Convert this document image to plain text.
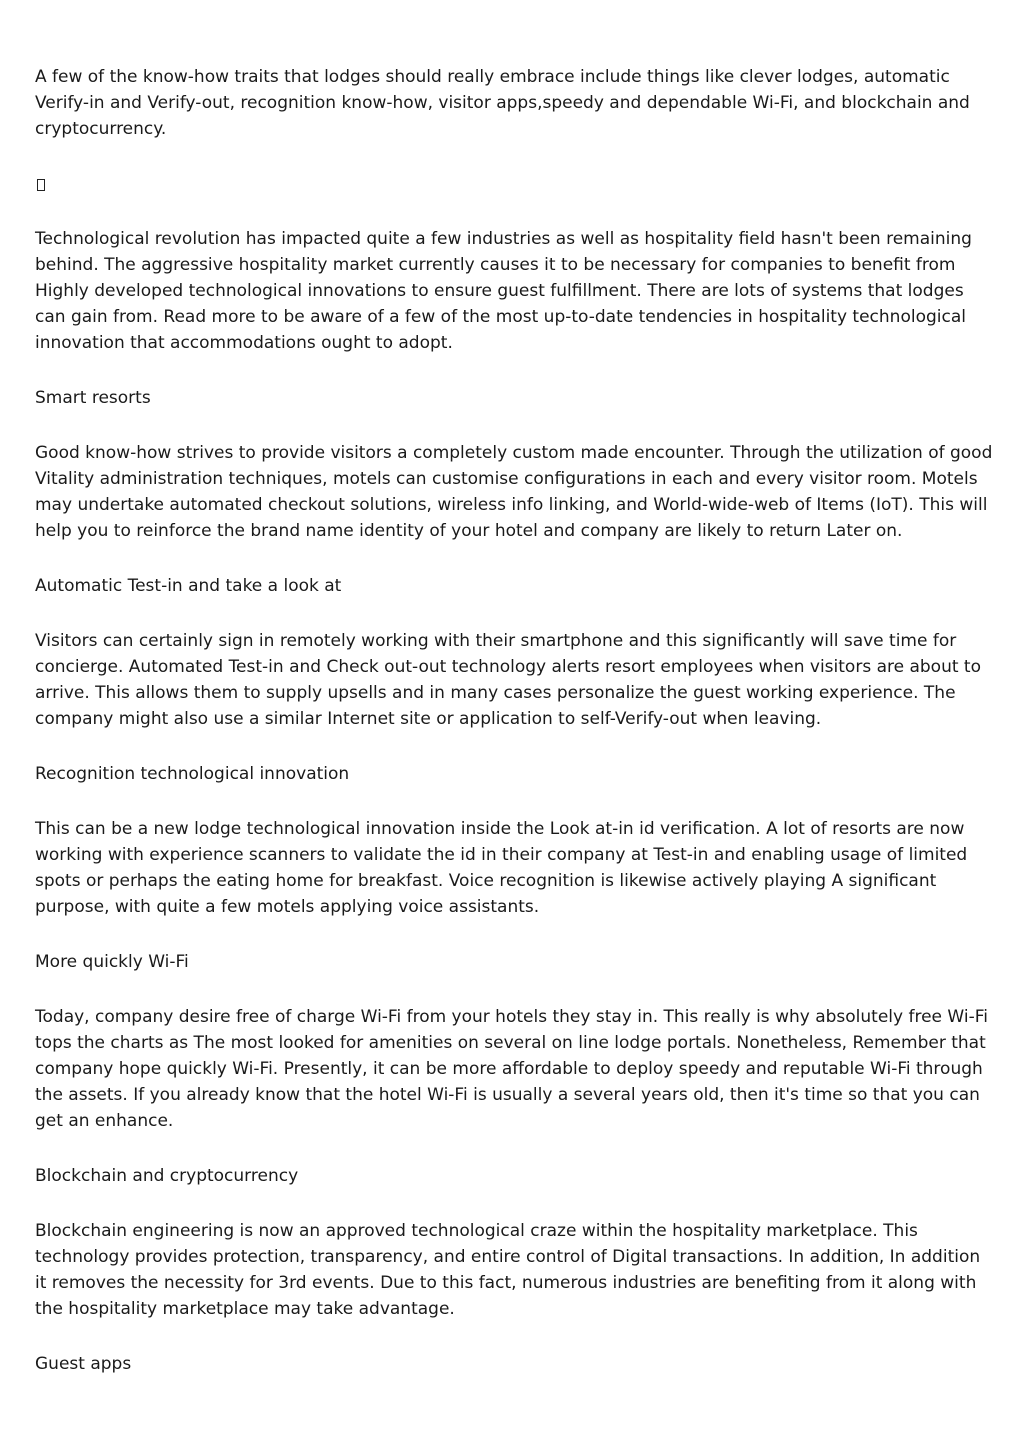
A few of the know-how traits that lodges should really embrace include things like clever lodges, automatic Verify-in and Verify-out, recognition know-how, visitor apps,speedy and dependable Wi-Fi, and blockchain and cryptocurrency.

Technological revolution has impacted quite a few industries as well as hospitality field hasn't been remaining behind. The aggressive hospitality market currently causes it to be necessary for companies to benefit from Highly developed technological innovations to ensure guest fulfillment. There are lots of systems that lodges can gain from. Read more to be aware of a few of the most up-to-date tendencies in hospitality technological innovation that accommodations ought to adopt.

Smart resorts

Good know-how strives to provide visitors a completely custom made encounter. Through the utilization of good Vitality administration techniques, motels can customise configurations in each and every visitor room. Motels may undertake automated checkout solutions, wireless info linking, and World-wide-web of Items (IoT). This will help you to reinforce the brand name identity of your hotel and company are likely to return Later on.

Automatic Test-in and take a look at

Visitors can certainly sign in remotely working with their smartphone and this significantly will save time for concierge. Automated Test-in and Check out-out technology alerts resort employees when visitors are about to arrive. This allows them to supply upsells and in many cases personalize the guest working experience. The company might also use a similar Internet site or application to self-Verify-out when leaving.

Recognition technological innovation

This can be a new lodge technological innovation inside the Look at-in id verification. A lot of resorts are now working with experience scanners to validate the id in their company at Test-in and enabling usage of limited spots or perhaps the eating home for breakfast. Voice recognition is likewise actively playing A significant purpose, with quite a few motels applying voice assistants.

More quickly Wi-Fi

Today, company desire free of charge Wi-Fi from your hotels they stay in. This really is why absolutely free Wi-Fi tops the charts as The most looked for amenities on several on line lodge portals. Nonetheless, Remember that company hope quickly Wi-Fi. Presently, it can be more affordable to deploy speedy and reputable Wi-Fi through the assets. If you already know that the hotel Wi-Fi is usually a several years old, then it's time so that you can get an enhance.

Blockchain and cryptocurrency

Blockchain engineering is now an approved technological craze within the hospitality marketplace. This technology provides protection, transparency, and entire control of Digital transactions. In addition, In addition it removes the necessity for 3rd events. Due to this fact, numerous industries are benefiting from it along with the hospitality marketplace may take advantage.

Guest apps
